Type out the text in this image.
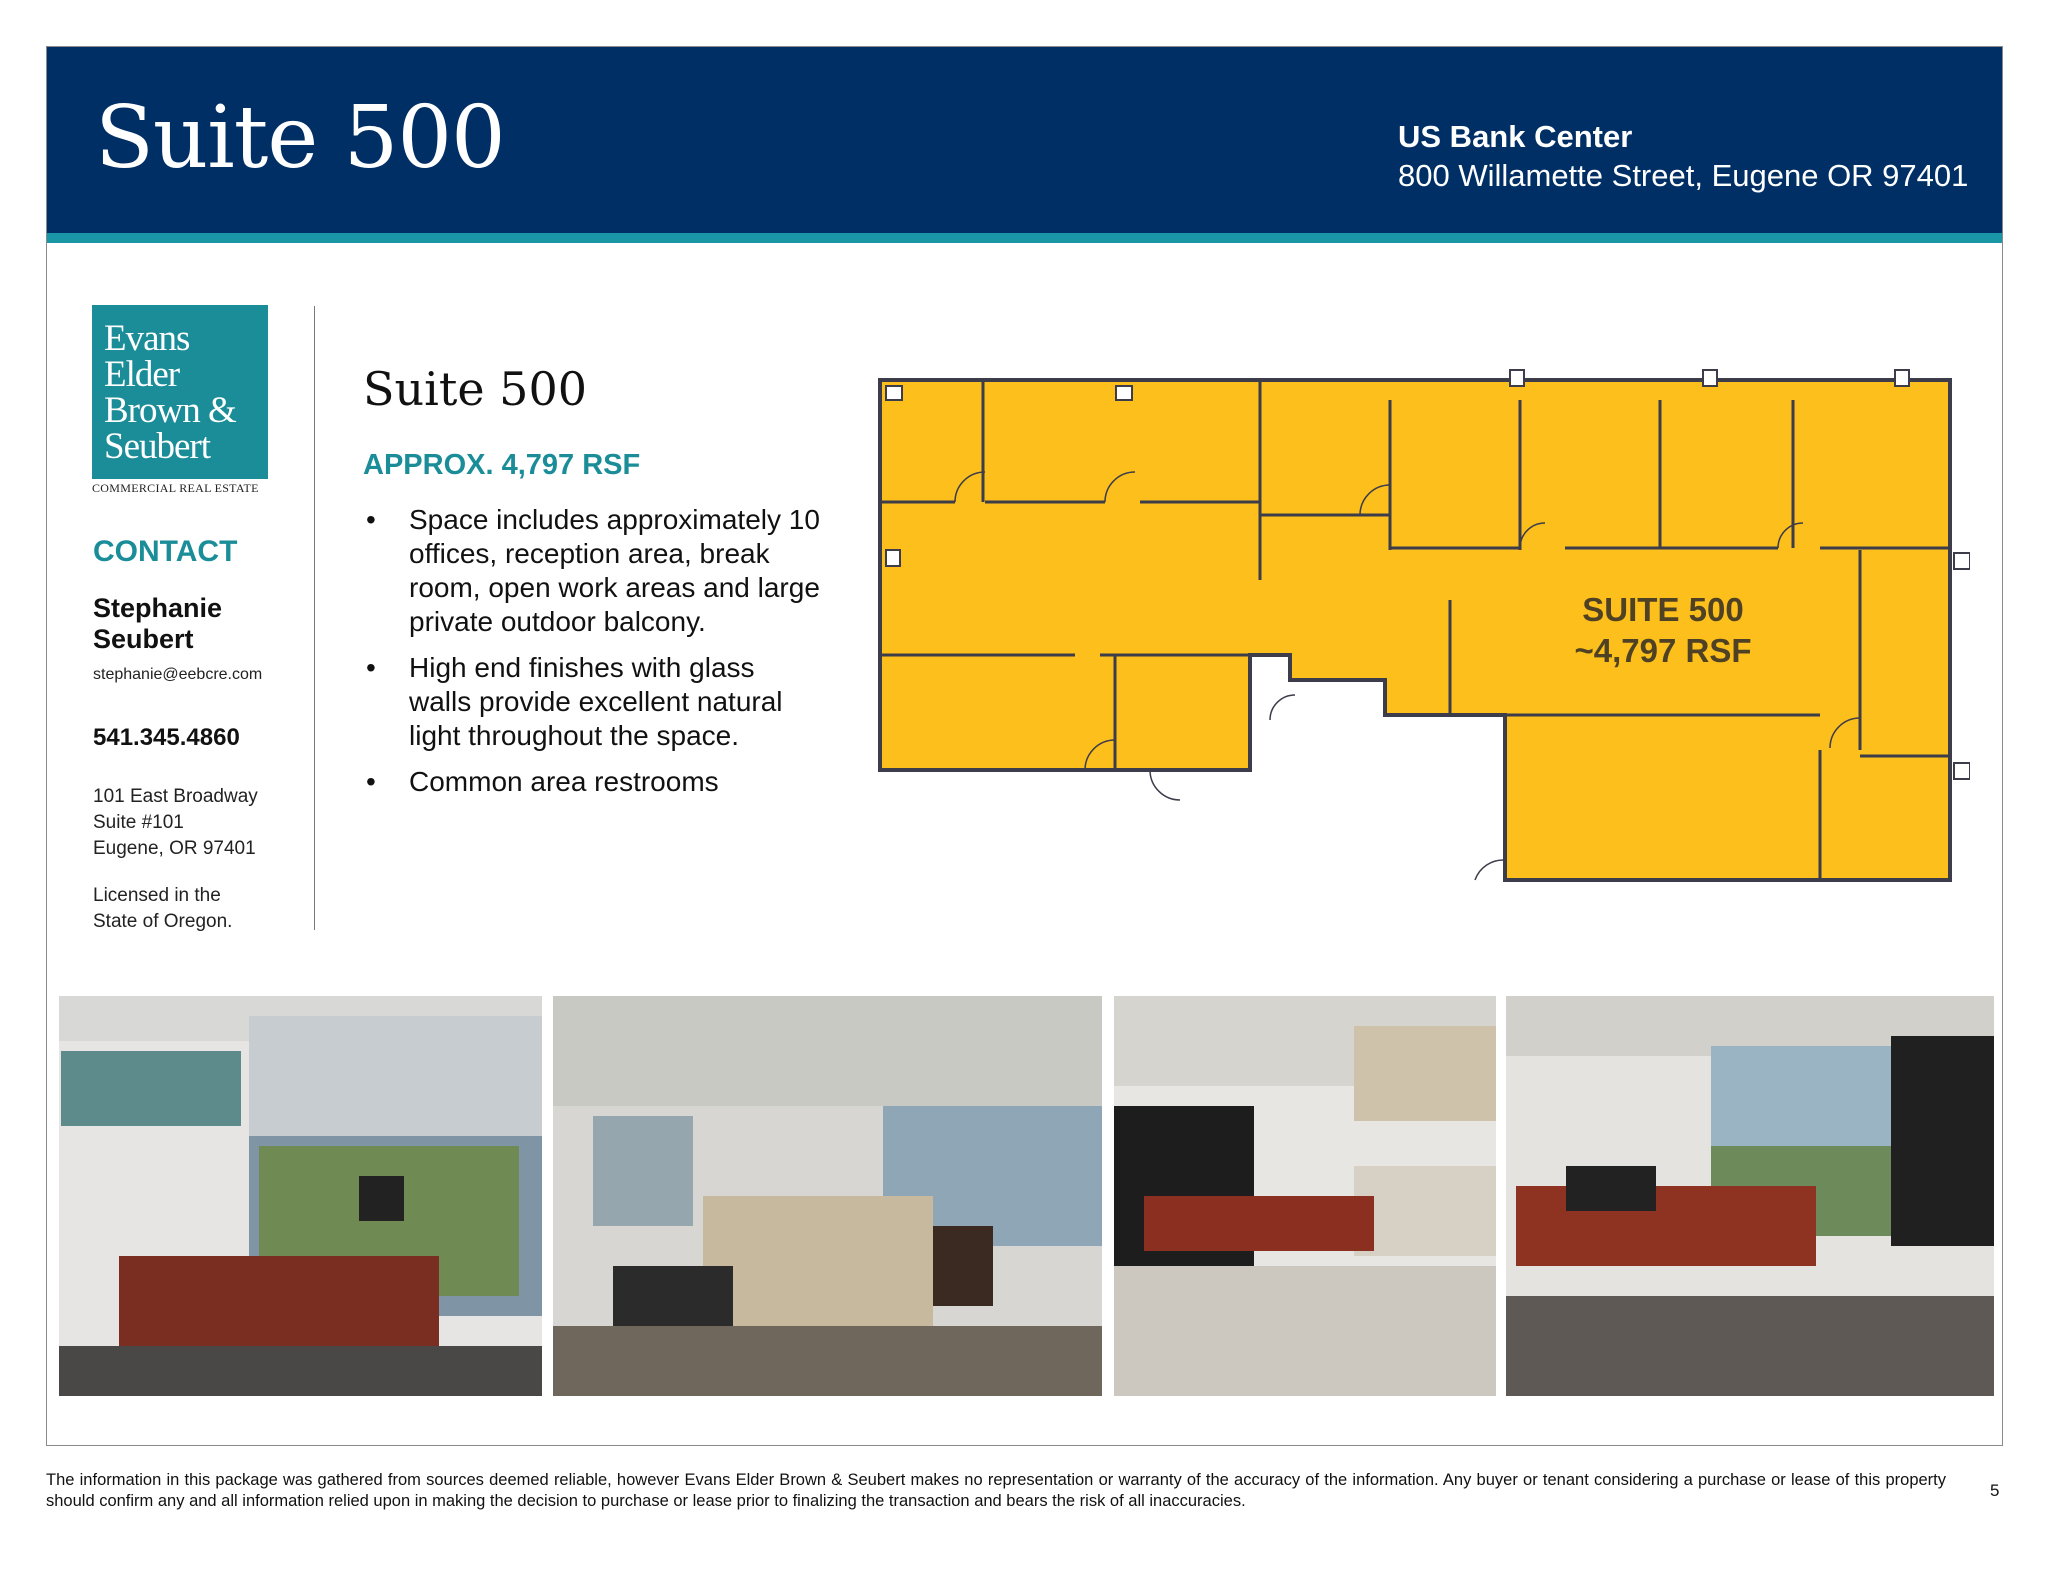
Suite 500	US Bank Center
800 Willamette Street, Eugene OR 97401
Evans
Elder
Brown &
Seubert
COMMERCIAL REAL ESTATE
CONTACT
Stephanie Seubert
stephanie@eebcre.com
541.345.4860
101 East Broadway
Suite #101
Eugene, OR 97401
Licensed in the
State of Oregon.
Suite 500
APPROX. 4,797 RSF
• Space includes approximately 10 offices, reception area, break room, open work areas and large private outdoor balcony.
• High end finishes with glass walls provide excellent natural light throughout the space.
• Common area restrooms
SUITE 500
~4,797 RSF
The information in this package was gathered from sources deemed reliable, however Evans Elder Brown & Seubert makes no representation or warranty of the accuracy of the information. Any buyer or tenant considering a purchase or lease of this property should confirm any and all information relied upon in making the decision to purchase or lease prior to finalizing the transaction and bears the risk of all inaccuracies.
5
